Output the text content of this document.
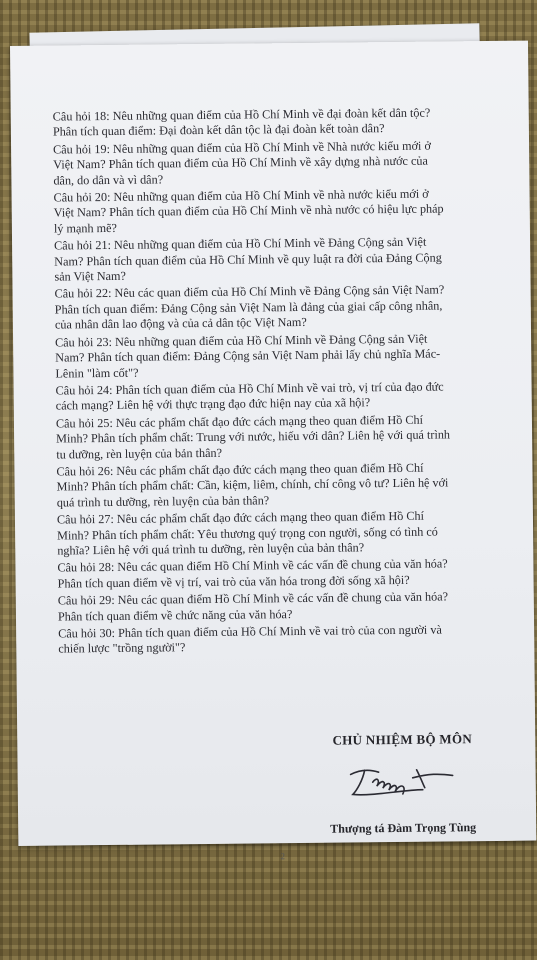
Câu hỏi 18: Nêu những quan điểm của Hồ Chí Minh về đại đoàn kết dân tộc?
Phân tích quan điểm: Đại đoàn kết dân tộc là đại đoàn kết toàn dân?
Câu hỏi 19: Nêu những quan điểm của Hồ Chí Minh về Nhà nước kiểu mới ở
Việt Nam? Phân tích quan điểm của Hồ Chí Minh về xây dựng nhà nước của
dân, do dân và vì dân?
Câu hỏi 20: Nêu những quan điểm của Hồ Chí Minh về nhà nước kiểu mới ở
Việt Nam? Phân tích quan điểm của Hồ Chí Minh về nhà nước có hiệu lực pháp
lý mạnh mẽ?
Câu hỏi 21: Nêu những quan điểm của Hồ Chí Minh về Đảng Cộng sản Việt
Nam? Phân tích quan điểm của Hồ Chí Minh về quy luật ra đời của Đảng Cộng
sản Việt Nam?
Câu hỏi 22: Nêu các quan điểm của Hồ Chí Minh về Đảng Cộng sản Việt Nam?
Phân tích quan điểm: Đảng Cộng sản Việt Nam là đảng của giai cấp công nhân,
của nhân dân lao động và của cả dân tộc Việt Nam?
Câu hỏi 23: Nêu những quan điểm của Hồ Chí Minh về Đảng Cộng sản Việt
Nam? Phân tích quan điểm: Đảng Cộng sản Việt Nam phải lấy chủ nghĩa Mác-
Lênin "làm cốt"?
Câu hỏi 24: Phân tích quan điểm của Hồ Chí Minh về vai trò, vị trí của đạo đức
cách mạng? Liên hệ với thực trạng đạo đức hiện nay của xã hội?
Câu hỏi 25: Nêu các phẩm chất đạo đức cách mạng theo quan điểm Hồ Chí
Minh? Phân tích phẩm chất: Trung với nước, hiếu với dân? Liên hệ với quá trình
tu dưỡng, rèn luyện của bản thân?
Câu hỏi 26: Nêu các phẩm chất đạo đức cách mạng theo quan điểm Hồ Chí
Minh? Phân tích phẩm chất: Cần, kiệm, liêm, chính, chí công vô tư? Liên hệ với
quá trình tu dưỡng, rèn luyện của bản thân?
Câu hỏi 27: Nêu các phẩm chất đạo đức cách mạng theo quan điểm Hồ Chí
Minh? Phân tích phẩm chất: Yêu thương quý trọng con người, sống có tình có
nghĩa? Liên hệ với quá trình tu dưỡng, rèn luyện của bản thân?
Câu hỏi 28: Nêu các quan điểm Hồ Chí Minh về các vấn đề chung của văn hóa?
Phân tích quan điểm về vị trí, vai trò của văn hóa trong đời sống xã hội?
Câu hỏi 29: Nêu các quan điểm Hồ Chí Minh về các vấn đề chung của văn hóa?
Phân tích quan điểm về chức năng của văn hóa?
Câu hỏi 30: Phân tích quan điểm của Hồ Chí Minh về vai trò của con người và
chiến lược "trồng người"?
CHỦ NHIỆM BỘ MÔN
Thượng tá Đàm Trọng Tùng
2
